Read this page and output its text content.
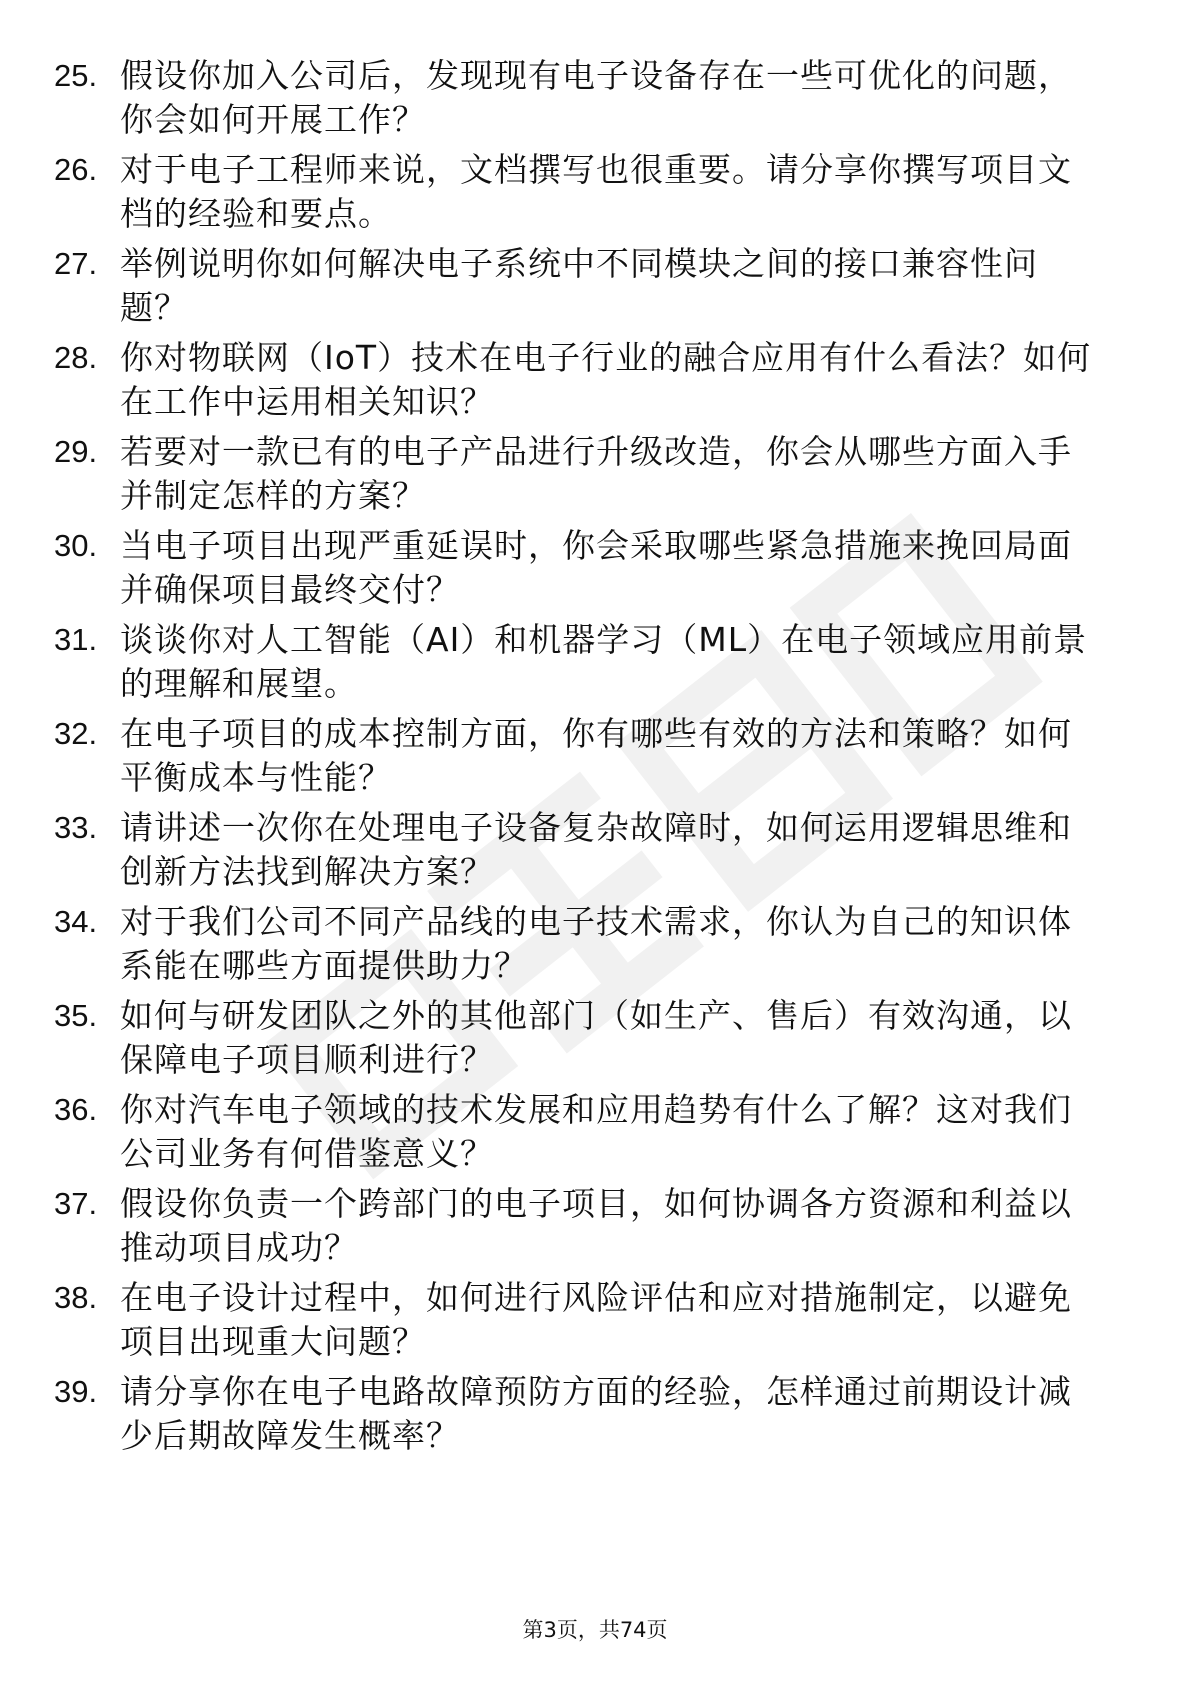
25. 假设你加入公司后，发现现有电子设备存在一些可优化的问题，
你会如何开展工作？
26. 对于电子工程师来说，文档撰写也很重要。请分享你撰写项目文
档的经验和要点。
27. 举例说明你如何解决电子系统中不同模块之间的接口兼容性问
题？
28. 你对物联网（IoT）技术在电子行业的融合应用有什么看法？如何
在工作中运用相关知识？
29. 若要对一款已有的电子产品进行升级改造，你会从哪些方面入手
并制定怎样的方案？
30. 当电子项目出现严重延误时，你会采取哪些紧急措施来挽回局面
并确保项目最终交付？
31. 谈谈你对人工智能（AI）和机器学习（ML）在电子领域应用前景
的理解和展望。
32. 在电子项目的成本控制方面，你有哪些有效的方法和策略？如何
平衡成本与性能？
33. 请讲述一次你在处理电子设备复杂故障时，如何运用逻辑思维和
创新方法找到解决方案？
34. 对于我们公司不同产品线的电子技术需求，你认为自己的知识体
系能在哪些方面提供助力？
35. 如何与研发团队之外的其他部门（如生产、售后）有效沟通，以
保障电子项目顺利进行？
36. 你对汽车电子领域的技术发展和应用趋势有什么了解？这对我们
公司业务有何借鉴意义？
37. 假设你负责一个跨部门的电子项目，如何协调各方资源和利益以
推动项目成功？
38. 在电子设计过程中，如何进行风险评估和应对措施制定，以避免
项目出现重大问题？
39. 请分享你在电子电路故障预防方面的经验，怎样通过前期设计减
少后期故障发生概率？
第3页，共74页
